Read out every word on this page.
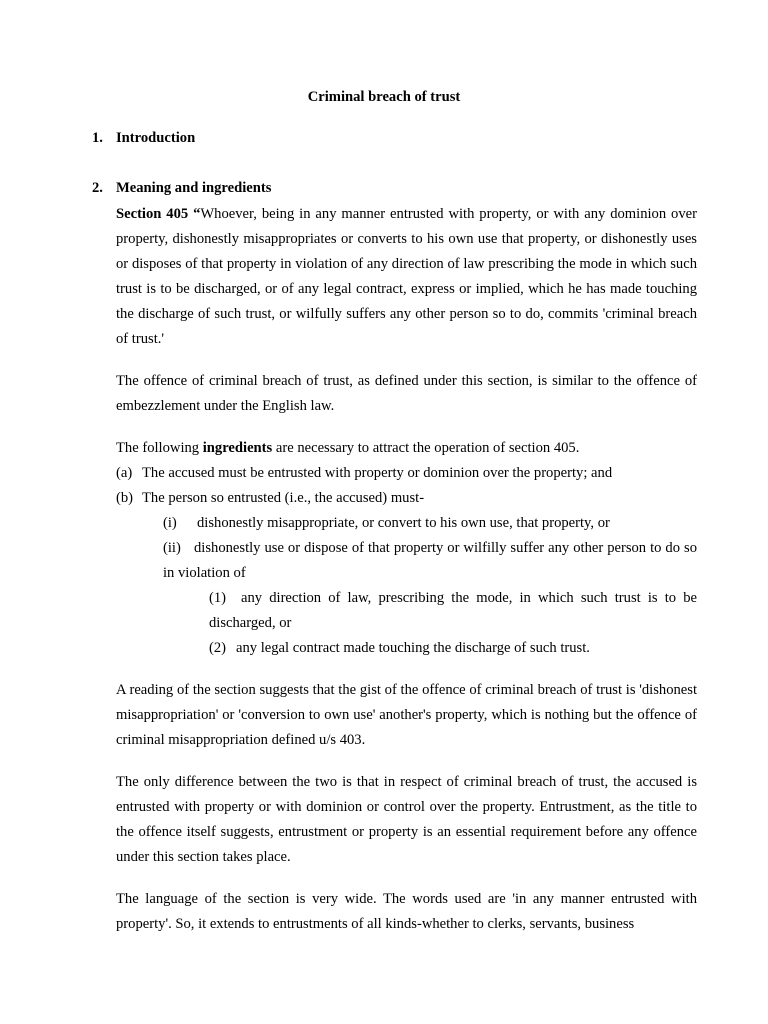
Criminal breach of trust
1. Introduction
2. Meaning and ingredients

Section 405 “Whoever, being in any manner entrusted with property, or with any dominion over property, dishonestly misappropriates or converts to his own use that property, or dishonestly uses or disposes of that property in violation of any direction of law prescribing the mode in which such trust is to be discharged, or of any legal contract, express or implied, which he has made touching the discharge of such trust, or wilfully suffers any other person so to do, commits 'criminal breach of trust.'

The offence of criminal breach of trust, as defined under this section, is similar to the offence of embezzlement under the English law.

The following ingredients are necessary to attract the operation of section 405.
(a) The accused must be entrusted with property or dominion over the property; and
(b) The person so entrusted (i.e., the accused) must-
(i) dishonestly misappropriate, or convert to his own use, that property, or
(ii) dishonestly use or dispose of that property or wilfilly suffer any other person to do so in violation of
(1) any direction of law, prescribing the mode, in which such trust is to be discharged, or
(2) any legal contract made touching the discharge of such trust.

A reading of the section suggests that the gist of the offence of criminal breach of trust is 'dishonest misappropriation' or 'conversion to own use' another's property, which is nothing but the offence of criminal misappropriation defined u/s 403.

The only difference between the two is that in respect of criminal breach of trust, the accused is entrusted with property or with dominion or control over the property. Entrustment, as the title to the offence itself suggests, entrustment or property is an essential requirement before any offence under this section takes place.

The language of the section is very wide. The words used are 'in any manner entrusted with property'. So, it extends to entrustments of all kinds-whether to clerks, servants, business
